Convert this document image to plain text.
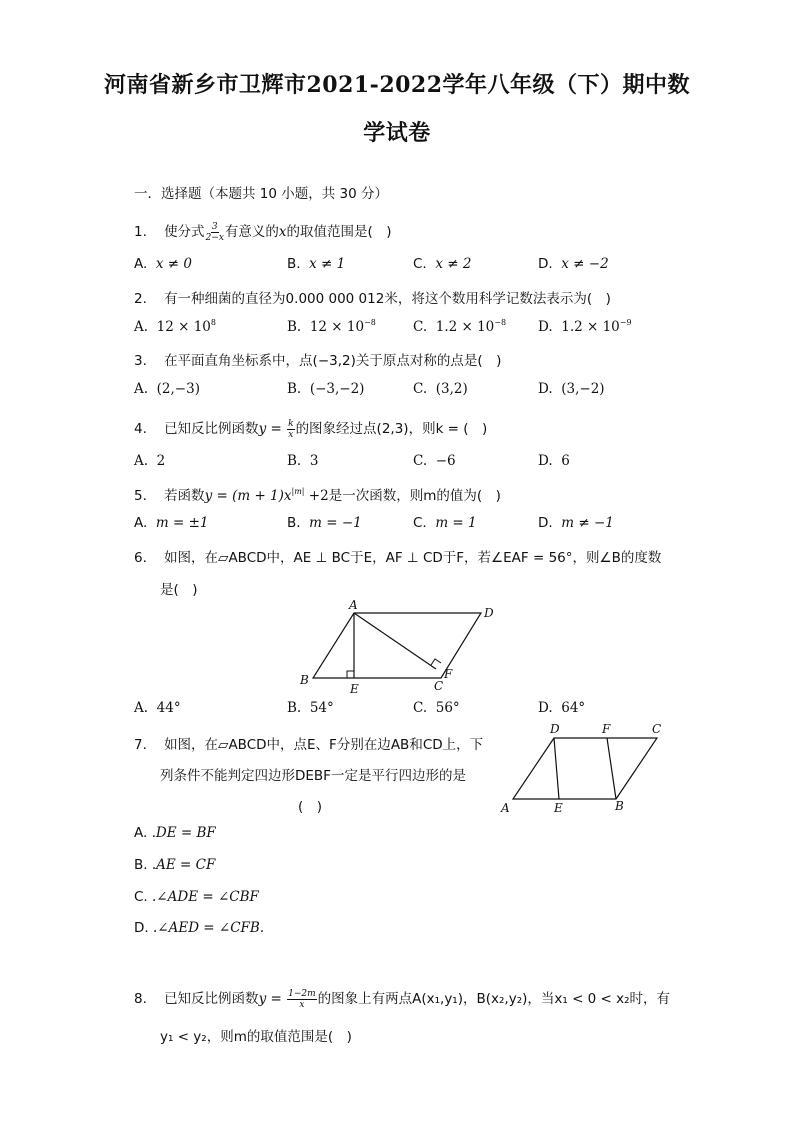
河南省新乡市卫辉市2021-2022学年八年级（下）期中数
学试卷
一．选择题（本题共 10 小题，共 30 分）
1. 使分式 $\frac{3}{2-x}$ 有意义的x的取值范围是(　)
A. x ≠ 0	B. x ≠ 1	C. x ≠ 2	D. x ≠ −2
2. 有一种细菌的直径为0.000 000 012米，将这个数用科学记数法表示为(　)
A. $12 \times 10^8$	B. $12 \times 10^{-8}$	C. $1.2 \times 10^{-8}$ D. $1.2 \times 10^{-9}$
3. 在平面直角坐标系中，点(−3,2)关于原点对称的点是(　)
A. (2,−3)	B. (−3,−2)	C. (3,2)	D. (3,−2)
4. 已知反比例函数$y = \frac{k}{x}$ 的图象经过点(2,3)，则k = (　)
A. 2	B. 3	C. −6	D. 6
5. 若函数$y = (m + 1)x^{|m|} +2$是一次函数，则m的值为(　)
A. m = ±1	B. m = −1	C. m = 1	D. m ≠ −1
6. 如图，在▱ABCD中，AE ⊥ BC于E，AF ⊥ CD于F，若∠EAF = 56°，则∠B的度数
是(　)
A
D
B
E	C
F
A. 44°	B. 54°	C. 56°	D. 64°
7. 如图，在▱ABCD中，点E、F分别在边AB和CD上，下
列条件不能判定四边形DEBF一定是平行四边形的是
(　)
D	F	C
A	E	B
A. .DE = BF
B. .AE = CF
C. .∠ADE = ∠CBF
D. .∠AED = ∠CFB.
8. 已知反比例函数$y = \frac{1-2m}{x}$ 的图象上有两点A(x₁,y₁)，B(x₂,y₂)，当x₁ < 0 < x₂时，有
y₁ < y₂，则m的取值范围是(　)
